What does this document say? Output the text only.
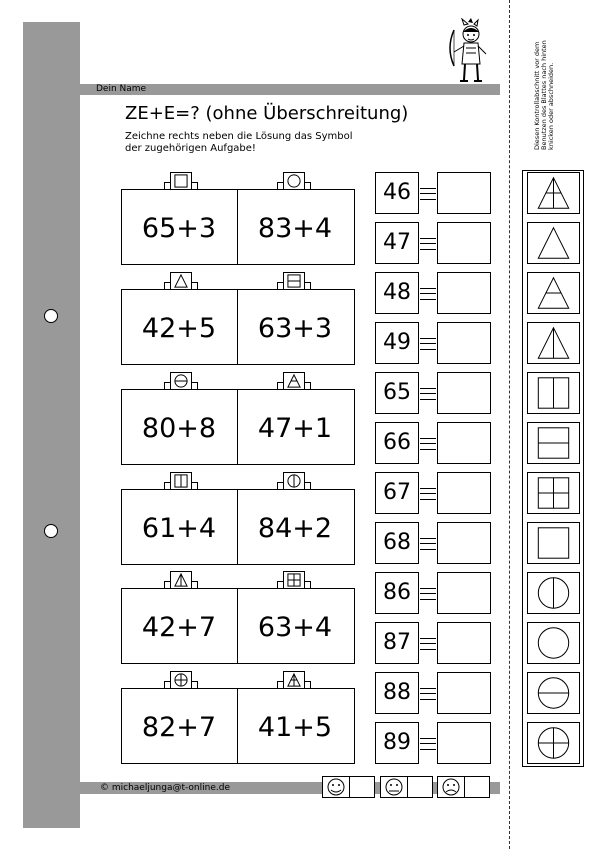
Dein Name
ZE+E=? (ohne Überschreitung)
Zeichne rechts neben die Lösung das Symbol der zugehörigen Aufgabe!	Diesen Kontrollabschnitt vor dem Benutzen des Blattes nach hinten knicken oder abschneiden.
65+3	83+4
42+5	63+3
80+8	47+1
61+4	84+2
42+7	63+4
82+7	41+5
46
47
48
49
65
66
67
68
86
87
88
89
© michaeljunga@t-online.de
